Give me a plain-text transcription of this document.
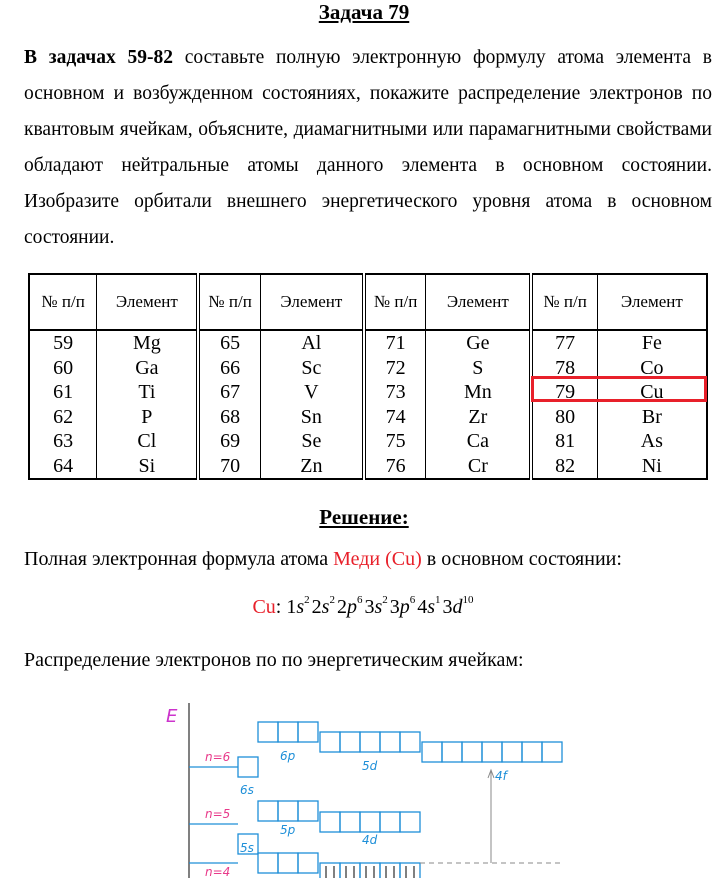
Задача 79
В задачах 59-82 составьте полную электронную формулу атома элемента в основном и возбужденном состояниях, покажите распределение электронов по квантовым ячейкам, объясните, диамагнитными или парамагнитными свойствами обладают нейтральные атомы данного элемента в основном состоянии. Изобразите орбитали внешнего энергетического уровня атома в основном состоянии.
№ п/п	Элемент	№ п/п	Элемент	№ п/п	Элемент	№ п/п	Элемент
59	Mg	65	Al	71	Ge	77	Fe
60	Ga	66	Sc	72	S	78	Co
61	Ti	67	V	73	Mn	79	Cu
62	P	68	Sn	74	Zr	80	Br
63	Cl	69	Se	75	Ca	81	As
64	Si	70	Zn	76	Cr	82	Ni
Решение:
Полная электронная формула атома Меди (Cu) в основном состоянии:
Cu: $1s^2$ $2s^2$ $2p^6$ $3s^2$ $3p^6$ $4s^1$ $3d^{10}$
Распределение электронов по по энергетическим ячейкам:
E
n=6
n=5
n=4
6p
5d
4f
6s
5p
4d
5s
